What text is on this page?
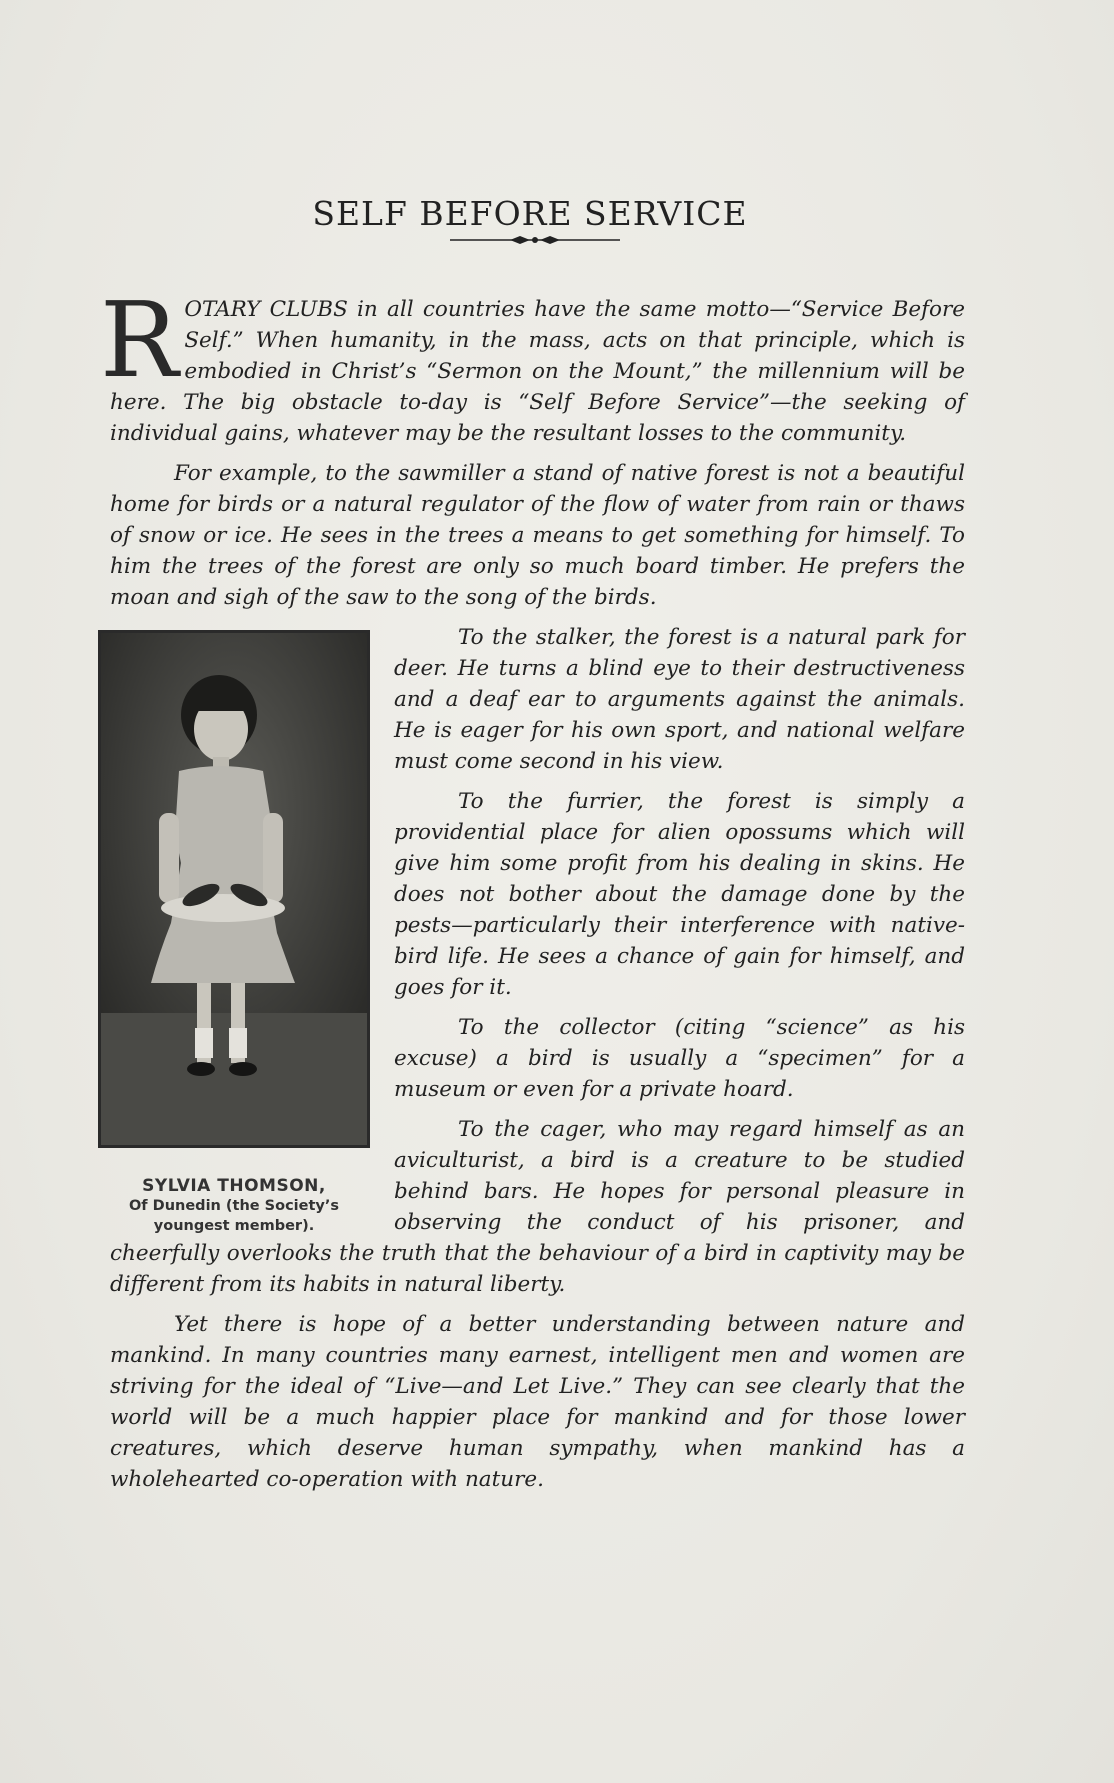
SELF BEFORE SERVICE

ROTARY CLUBS in all countries have the same motto—“Service Before Self.” When humanity, in the mass, acts on that principle, which is embodied in Christ’s “Sermon on the Mount,” the millennium will be here. The big obstacle to-day is “Self Before Service”—the seeking of individual gains, whatever may be the resultant losses to the community.

For example, to the sawmiller a stand of native forest is not a beautiful home for birds or a natural regulator of the flow of water from rain or thaws of snow or ice. He sees in the trees a means to get something for himself. To him the trees of the forest are only so much board timber. He prefers the moan and sigh of the saw to the song of the birds.

SYLVIA THOMSON,
Of Dunedin (the Society’s
youngest member).

To the stalker, the forest is a natural park for deer. He turns a blind eye to their destructiveness and a deaf ear to arguments against the animals. He is eager for his own sport, and national welfare must come second in his view.

To the furrier, the forest is simply a providential place for alien opossums which will give him some profit from his dealing in skins. He does not bother about the damage done by the pests—particularly their interference with native-bird life. He sees a chance of gain for himself, and goes for it.

To the collector (citing “science” as his excuse) a bird is usually a “specimen” for a museum or even for a private hoard.

To the cager, who may regard himself as an aviculturist, a bird is a creature to be studied behind bars. He hopes for personal pleasure in observing the conduct of his prisoner, and cheerfully overlooks the truth that the behaviour of a bird in captivity may be different from its habits in natural liberty.

Yet there is hope of a better understanding between nature and mankind. In many countries many earnest, intelligent men and women are striving for the ideal of “Live—and Let Live.” They can see clearly that the world will be a much happier place for mankind and for those lower creatures, which deserve human sympathy, when mankind has a wholehearted co-operation with nature.
